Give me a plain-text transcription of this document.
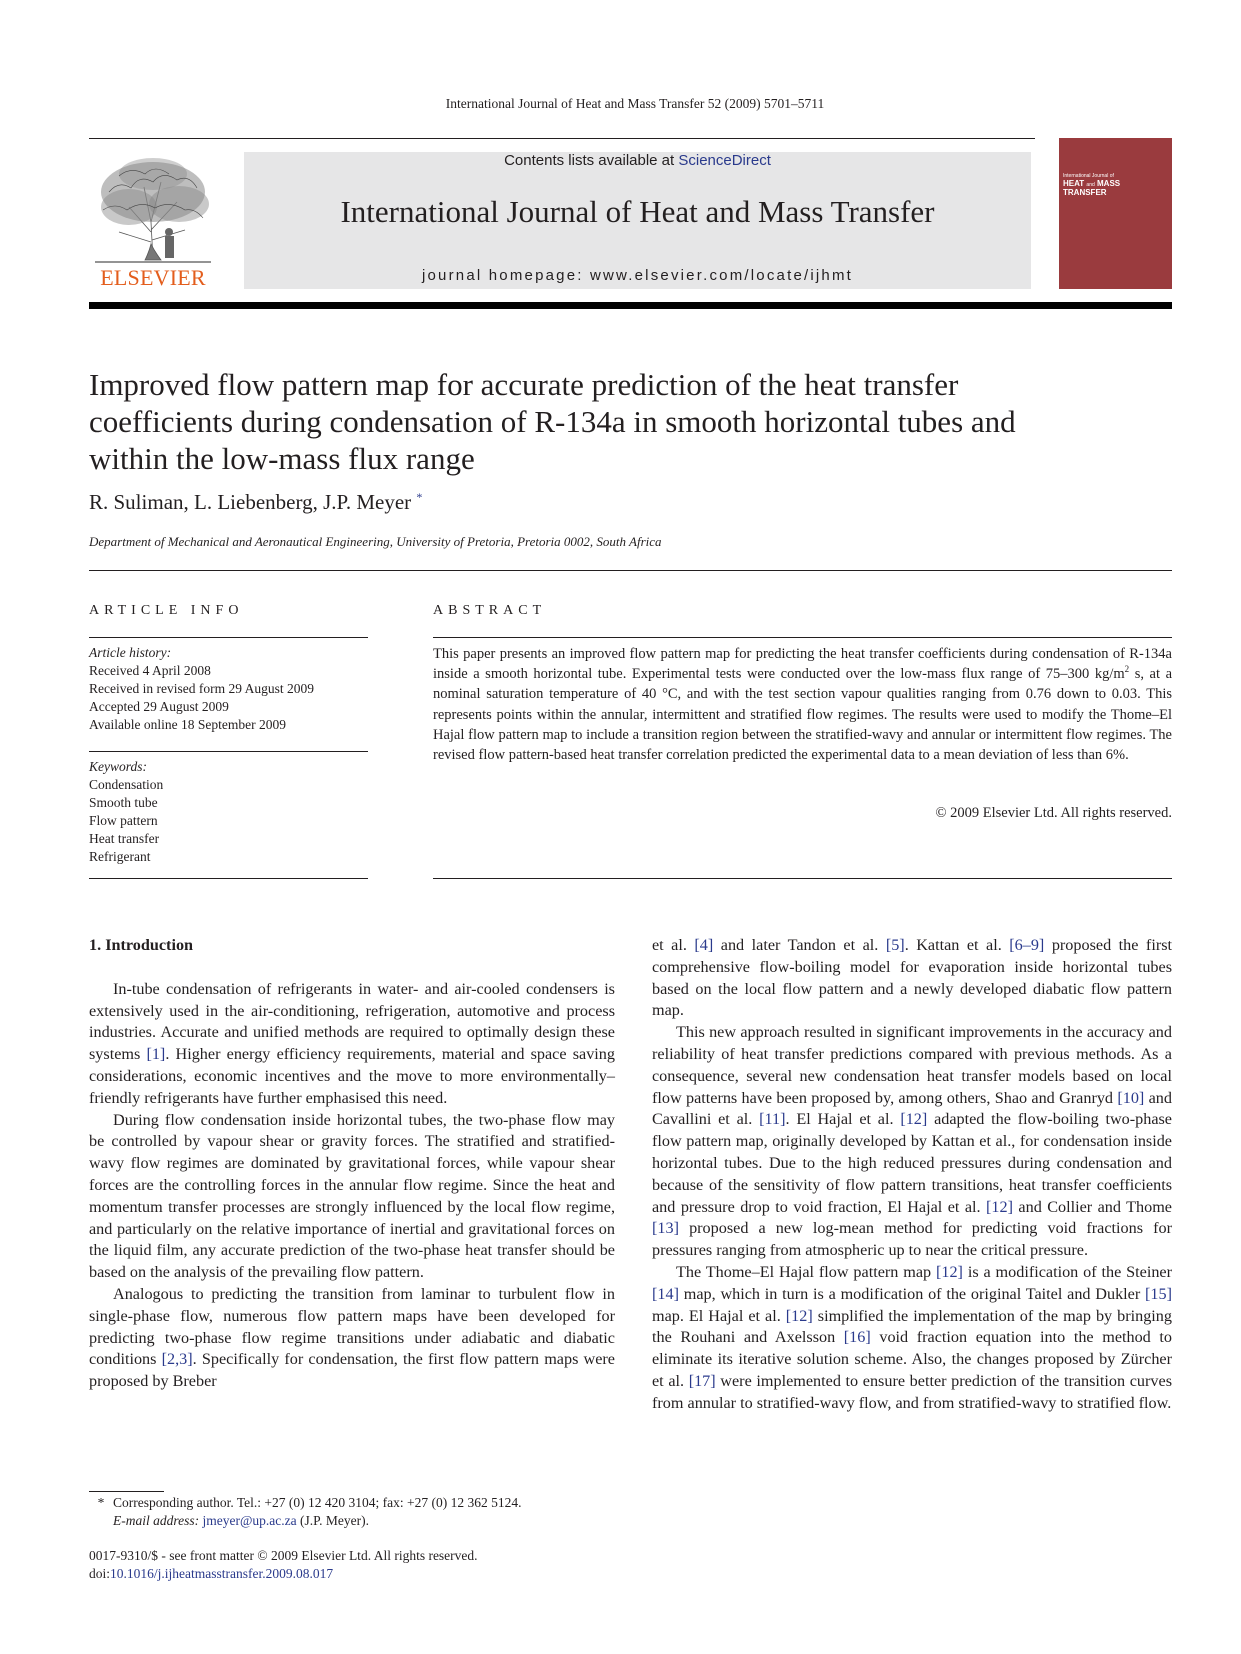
International Journal of Heat and Mass Transfer 52 (2009) 5701–5711
ELSEVIER
Contents lists available at ScienceDirect
International Journal of Heat and Mass Transfer
journal homepage: www.elsevier.com/locate/ijhmt
International Journal of
HEAT and MASS
TRANSFER
Improved flow pattern map for accurate prediction of the heat transfer coefficients during condensation of R-134a in smooth horizontal tubes and within the low-mass flux range
R. Suliman, L. Liebenberg, J.P. Meyer *
Department of Mechanical and Aeronautical Engineering, University of Pretoria, Pretoria 0002, South Africa
ARTICLE INFO	ABSTRACT
Article history:
Received 4 April 2008
Received in revised form 29 August 2009
Accepted 29 August 2009
Available online 18 September 2009
Keywords:
Condensation
Smooth tube
Flow pattern
Heat transfer
Refrigerant
This paper presents an improved flow pattern map for predicting the heat transfer coefficients during condensation of R-134a inside a smooth horizontal tube. Experimental tests were conducted over the low-mass flux range of 75–300 $kg/m^2$ s, at a nominal saturation temperature of 40 °C, and with the test section vapour qualities ranging from 0.76 down to 0.03. This represents points within the annular, intermittent and stratified flow regimes. The results were used to modify the Thome–El Hajal flow pattern map to include a transition region between the stratified-wavy and annular or intermittent flow regimes. The revised flow pattern-based heat transfer correlation predicted the experimental data to a mean deviation of less than 6%.
© 2009 Elsevier Ltd. All rights reserved.
1. Introduction

In-tube condensation of refrigerants in water- and air-cooled condensers is extensively used in the air-conditioning, refrigeration, automotive and process industries. Accurate and unified methods are required to optimally design these systems [1]. Higher energy efficiency requirements, material and space saving considerations, economic incentives and the move to more environmentally–friendly refrigerants have further emphasised this need.

During flow condensation inside horizontal tubes, the two-phase flow may be controlled by vapour shear or gravity forces. The stratified and stratified-wavy flow regimes are dominated by gravitational forces, while vapour shear forces are the controlling forces in the annular flow regime. Since the heat and momentum transfer processes are strongly influenced by the local flow regime, and particularly on the relative importance of inertial and gravitational forces on the liquid film, any accurate prediction of the two-phase heat transfer should be based on the analysis of the prevailing flow pattern.

Analogous to predicting the transition from laminar to turbulent flow in single-phase flow, numerous flow pattern maps have been developed for predicting two-phase flow regime transitions under adiabatic and diabatic conditions [2,3]. Specifically for condensation, the first flow pattern maps were proposed by Breber

et al. [4] and later Tandon et al. [5]. Kattan et al. [6–9] proposed the first comprehensive flow-boiling model for evaporation inside horizontal tubes based on the local flow pattern and a newly developed diabatic flow pattern map.

This new approach resulted in significant improvements in the accuracy and reliability of heat transfer predictions compared with previous methods. As a consequence, several new condensation heat transfer models based on local flow patterns have been proposed by, among others, Shao and Granryd [10] and Cavallini et al. [11]. El Hajal et al. [12] adapted the flow-boiling two-phase flow pattern map, originally developed by Kattan et al., for condensation inside horizontal tubes. Due to the high reduced pressures during condensation and because of the sensitivity of flow pattern transitions, heat transfer coefficients and pressure drop to void fraction, El Hajal et al. [12] and Collier and Thome [13] proposed a new log-mean method for predicting void fractions for pressures ranging from atmospheric up to near the critical pressure.

The Thome–El Hajal flow pattern map [12] is a modification of the Steiner [14] map, which in turn is a modification of the original Taitel and Dukler [15] map. El Hajal et al. [12] simplified the implementation of the map by bringing the Rouhani and Axelsson [16] void fraction equation into the method to eliminate its iterative solution scheme. Also, the changes proposed by Zürcher et al. [17] were implemented to ensure better prediction of the transition curves from annular to stratified-wavy flow, and from stratified-wavy to stratified flow.

* Corresponding author. Tel.: +27 (0) 12 420 3104; fax: +27 (0) 12 362 5124.
E-mail address: jmeyer@up.ac.za (J.P. Meyer).
0017-9310/$ - see front matter © 2009 Elsevier Ltd. All rights reserved.
doi:10.1016/j.ijheatmasstransfer.2009.08.017
